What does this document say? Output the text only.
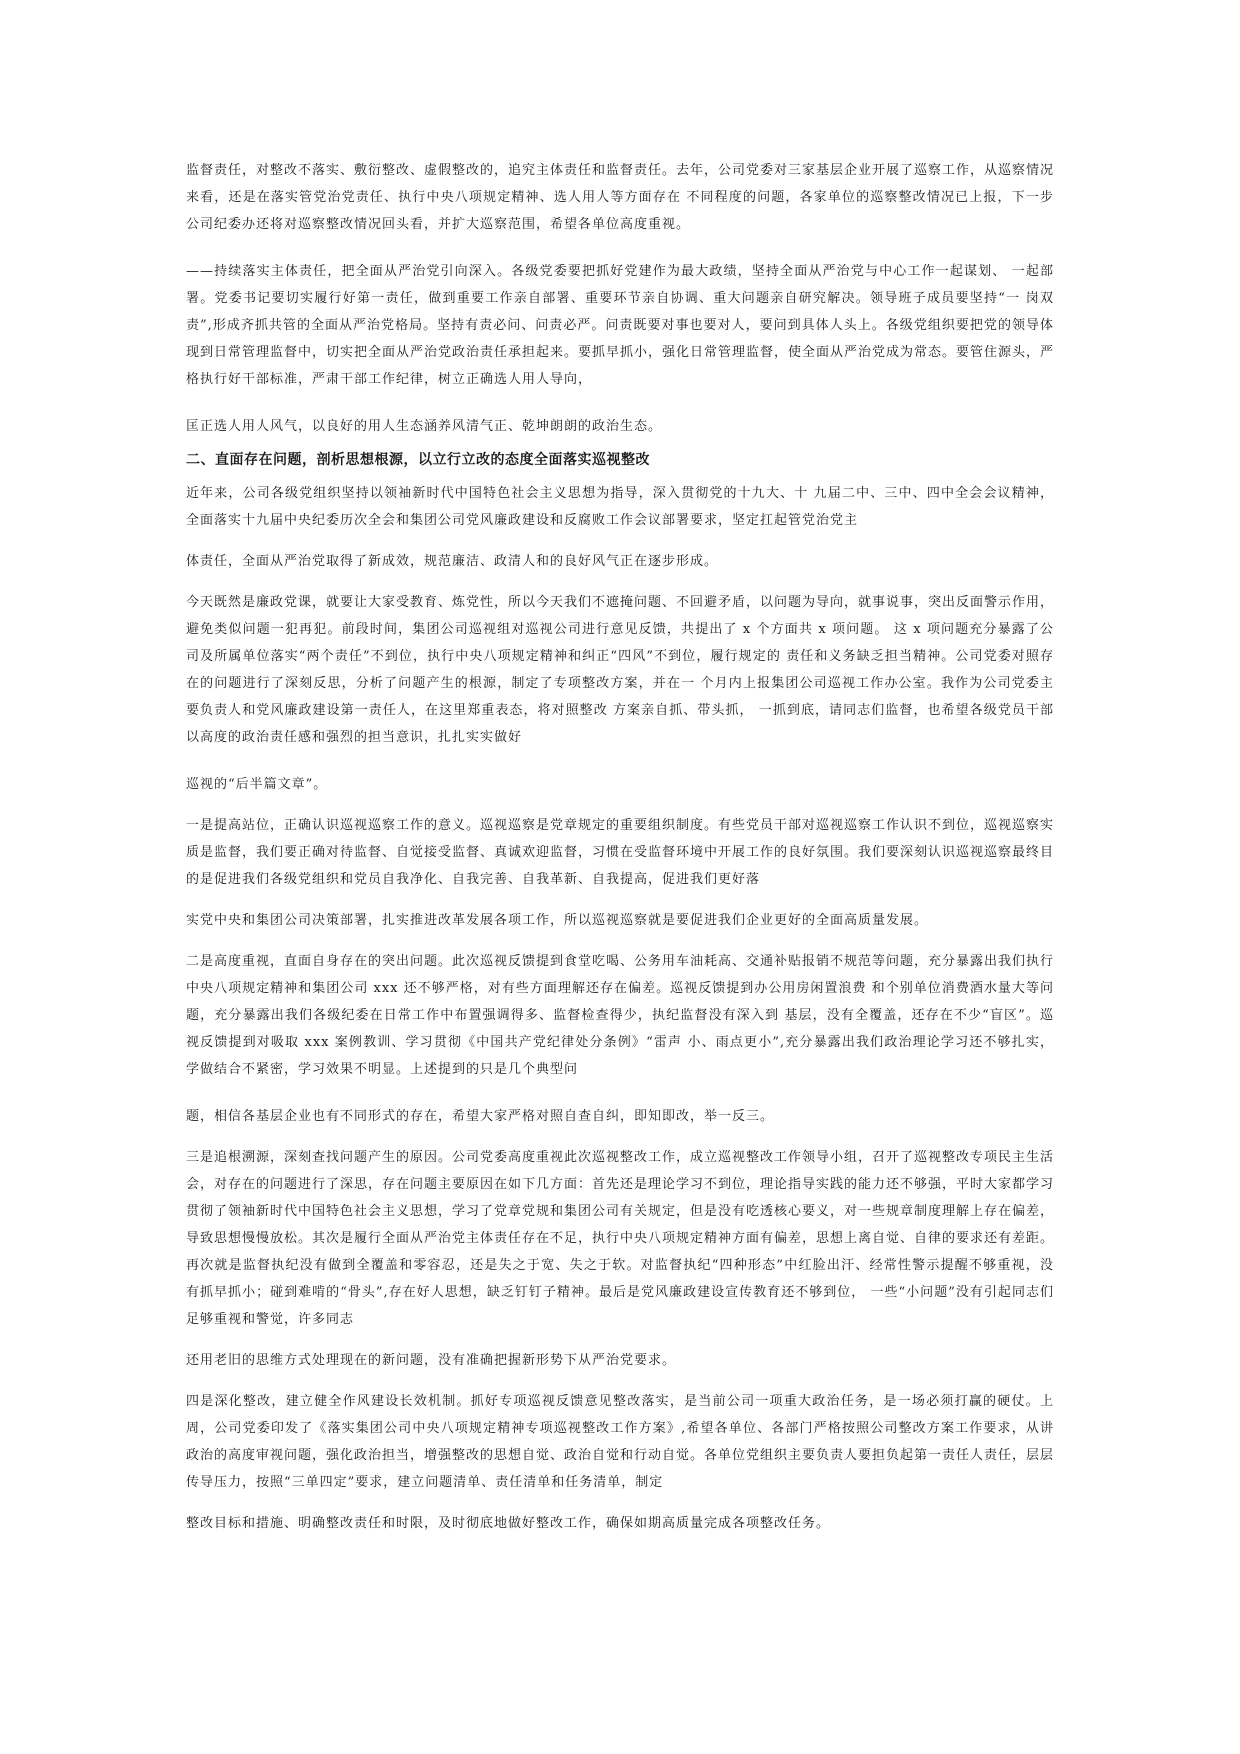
监督责任，对整改不落实、敷衍整改、虚假整改的，追究主体责任和监督责任。去年，公司党委对三家基层企业开展了巡察工作，从巡察情况来看，还是在落实管党治党责任、执行中央八项规定精神、选人用人等方面存在 不同程度的问题，各家单位的巡察整改情况已上报，下一步公司纪委办还将对巡察整改情况回头看，并扩大巡察范围，希望各单位高度重视。

——持续落实主体责任，把全面从严治党引向深入。各级党委要把抓好党建作为最大政绩，坚持全面从严治党与中心工作一起谋划、 一起部署。党委书记要切实履行好第一责任，做到重要工作亲自部署、重要环节亲自协调、重大问题亲自研究解决。领导班子成员要坚持“一 岗双责”,形成齐抓共管的全面从严治党格局。坚持有责必问、问责必严。问责既要对事也要对人，要问到具体人头上。各级党组织要把党的领导体现到日常管理监督中，切实把全面从严治党政治责任承担起来。要抓早抓小，强化日常管理监督，使全面从严治党成为常态。要管住源头，严格执行好干部标准，严肃干部工作纪律，树立正确选人用人导向，

匡正选人用人风气，以良好的用人生态涵养风清气正、乾坤朗朗的政治生态。

二、直面存在问题，剖析思想根源，以立行立改的态度全面落实巡视整改

近年来，公司各级党组织坚持以领袖新时代中国特色社会主义思想为指导，深入贯彻党的十九大、十 九届二中、三中、四中全会会议精神，全面落实十九届中央纪委历次全会和集团公司党风廉政建设和反腐败工作会议部署要求，坚定扛起管党治党主

体责任，全面从严治党取得了新成效，规范廉洁、政清人和的良好风气正在逐步形成。

今天既然是廉政党课，就要让大家受教育、炼党性，所以今天我们不遮掩问题、不回避矛盾，以问题为导向，就事说事，突出反面警示作用，避免类似问题一犯再犯。前段时间，集团公司巡视组对巡视公司进行意见反馈，共提出了 x 个方面共 x 项问题。 这 x 项问题充分暴露了公司及所属单位落实“两个责任”不到位，执行中央八项规定精神和纠正“四风”不到位，履行规定的 责任和义务缺乏担当精神。公司党委对照存在的问题进行了深刻反思，分析了问题产生的根源，制定了专项整改方案，并在一 个月内上报集团公司巡视工作办公室。我作为公司党委主要负责人和党风廉政建设第一责任人，在这里郑重表态，将对照整改 方案亲自抓、带头抓， 一抓到底，请同志们监督，也希望各级党员干部以高度的政治责任感和强烈的担当意识，扎扎实实做好

巡视的“后半篇文章”。

一是提高站位，正确认识巡视巡察工作的意义。巡视巡察是党章规定的重要组织制度。有些党员干部对巡视巡察工作认识不到位，巡视巡察实质是监督，我们要正确对待监督、自觉接受监督、真诚欢迎监督，习惯在受监督环境中开展工作的良好氛围。我们要深刻认识巡视巡察最终目的是促进我们各级党组织和党员自我净化、自我完善、自我革新、自我提高，促进我们更好落

实党中央和集团公司决策部署，扎实推进改革发展各项工作，所以巡视巡察就是要促进我们企业更好的全面高质量发展。

二是高度重视，直面自身存在的突出问题。此次巡视反馈提到食堂吃喝、公务用车油耗高、交通补贴报销不规范等问题，充分暴露出我们执行中央八项规定精神和集团公司 xxx 还不够严格，对有些方面理解还存在偏差。巡视反馈提到办公用房闲置浪费 和个别单位消费酒水量大等问题，充分暴露出我们各级纪委在日常工作中布置强调得多、监督检查得少，执纪监督没有深入到 基层，没有全覆盖，还存在不少“盲区”。巡视反馈提到对吸取 xxx 案例教训、学习贯彻《中国共产党纪律处分条例》“雷声 小、雨点更小”,充分暴露出我们政治理论学习还不够扎实，学做结合不紧密，学习效果不明显。上述提到的只是几个典型问

题，相信各基层企业也有不同形式的存在，希望大家严格对照自查自纠，即知即改，举一反三。

三是追根溯源，深刻查找问题产生的原因。公司党委高度重视此次巡视整改工作，成立巡视整改工作领导小组，召开了巡视整改专项民主生活会，对存在的问题进行了深思，存在问题主要原因在如下几方面：首先还是理论学习不到位，理论指导实践的能力还不够强，平时大家都学习贯彻了领袖新时代中国特色社会主义思想，学习了党章党规和集团公司有关规定，但是没有吃透核心要义，对一些规章制度理解上存在偏差，导致思想慢慢放松。其次是履行全面从严治党主体责任存在不足，执行中央八项规定精神方面有偏差，思想上离自觉、自律的要求还有差距。再次就是监督执纪没有做到全覆盖和零容忍，还是失之于宽、失之于软。对监督执纪“四种形态”中红脸出汗、经常性警示提醒不够重视，没有抓早抓小；碰到难啃的“骨头”,存在好人思想，缺乏钉钉子精神。最后是党风廉政建设宣传教育还不够到位， 一些“小问题”没有引起同志们足够重视和警觉，许多同志

还用老旧的思维方式处理现在的新问题，没有准确把握新形势下从严治党要求。

四是深化整改，建立健全作风建设长效机制。抓好专项巡视反馈意见整改落实，是当前公司一项重大政治任务，是一场必须打赢的硬仗。上周，公司党委印发了《落实集团公司中央八项规定精神专项巡视整改工作方案》,希望各单位、各部门严格按照公司整改方案工作要求，从讲政治的高度审视问题，强化政治担当，增强整改的思想自觉、政治自觉和行动自觉。各单位党组织主要负责人要担负起第一责任人责任，层层传导压力，按照“三单四定”要求，建立问题清单、责任清单和任务清单，制定

整改目标和措施、明确整改责任和时限，及时彻底地做好整改工作，确保如期高质量完成各项整改任务。
